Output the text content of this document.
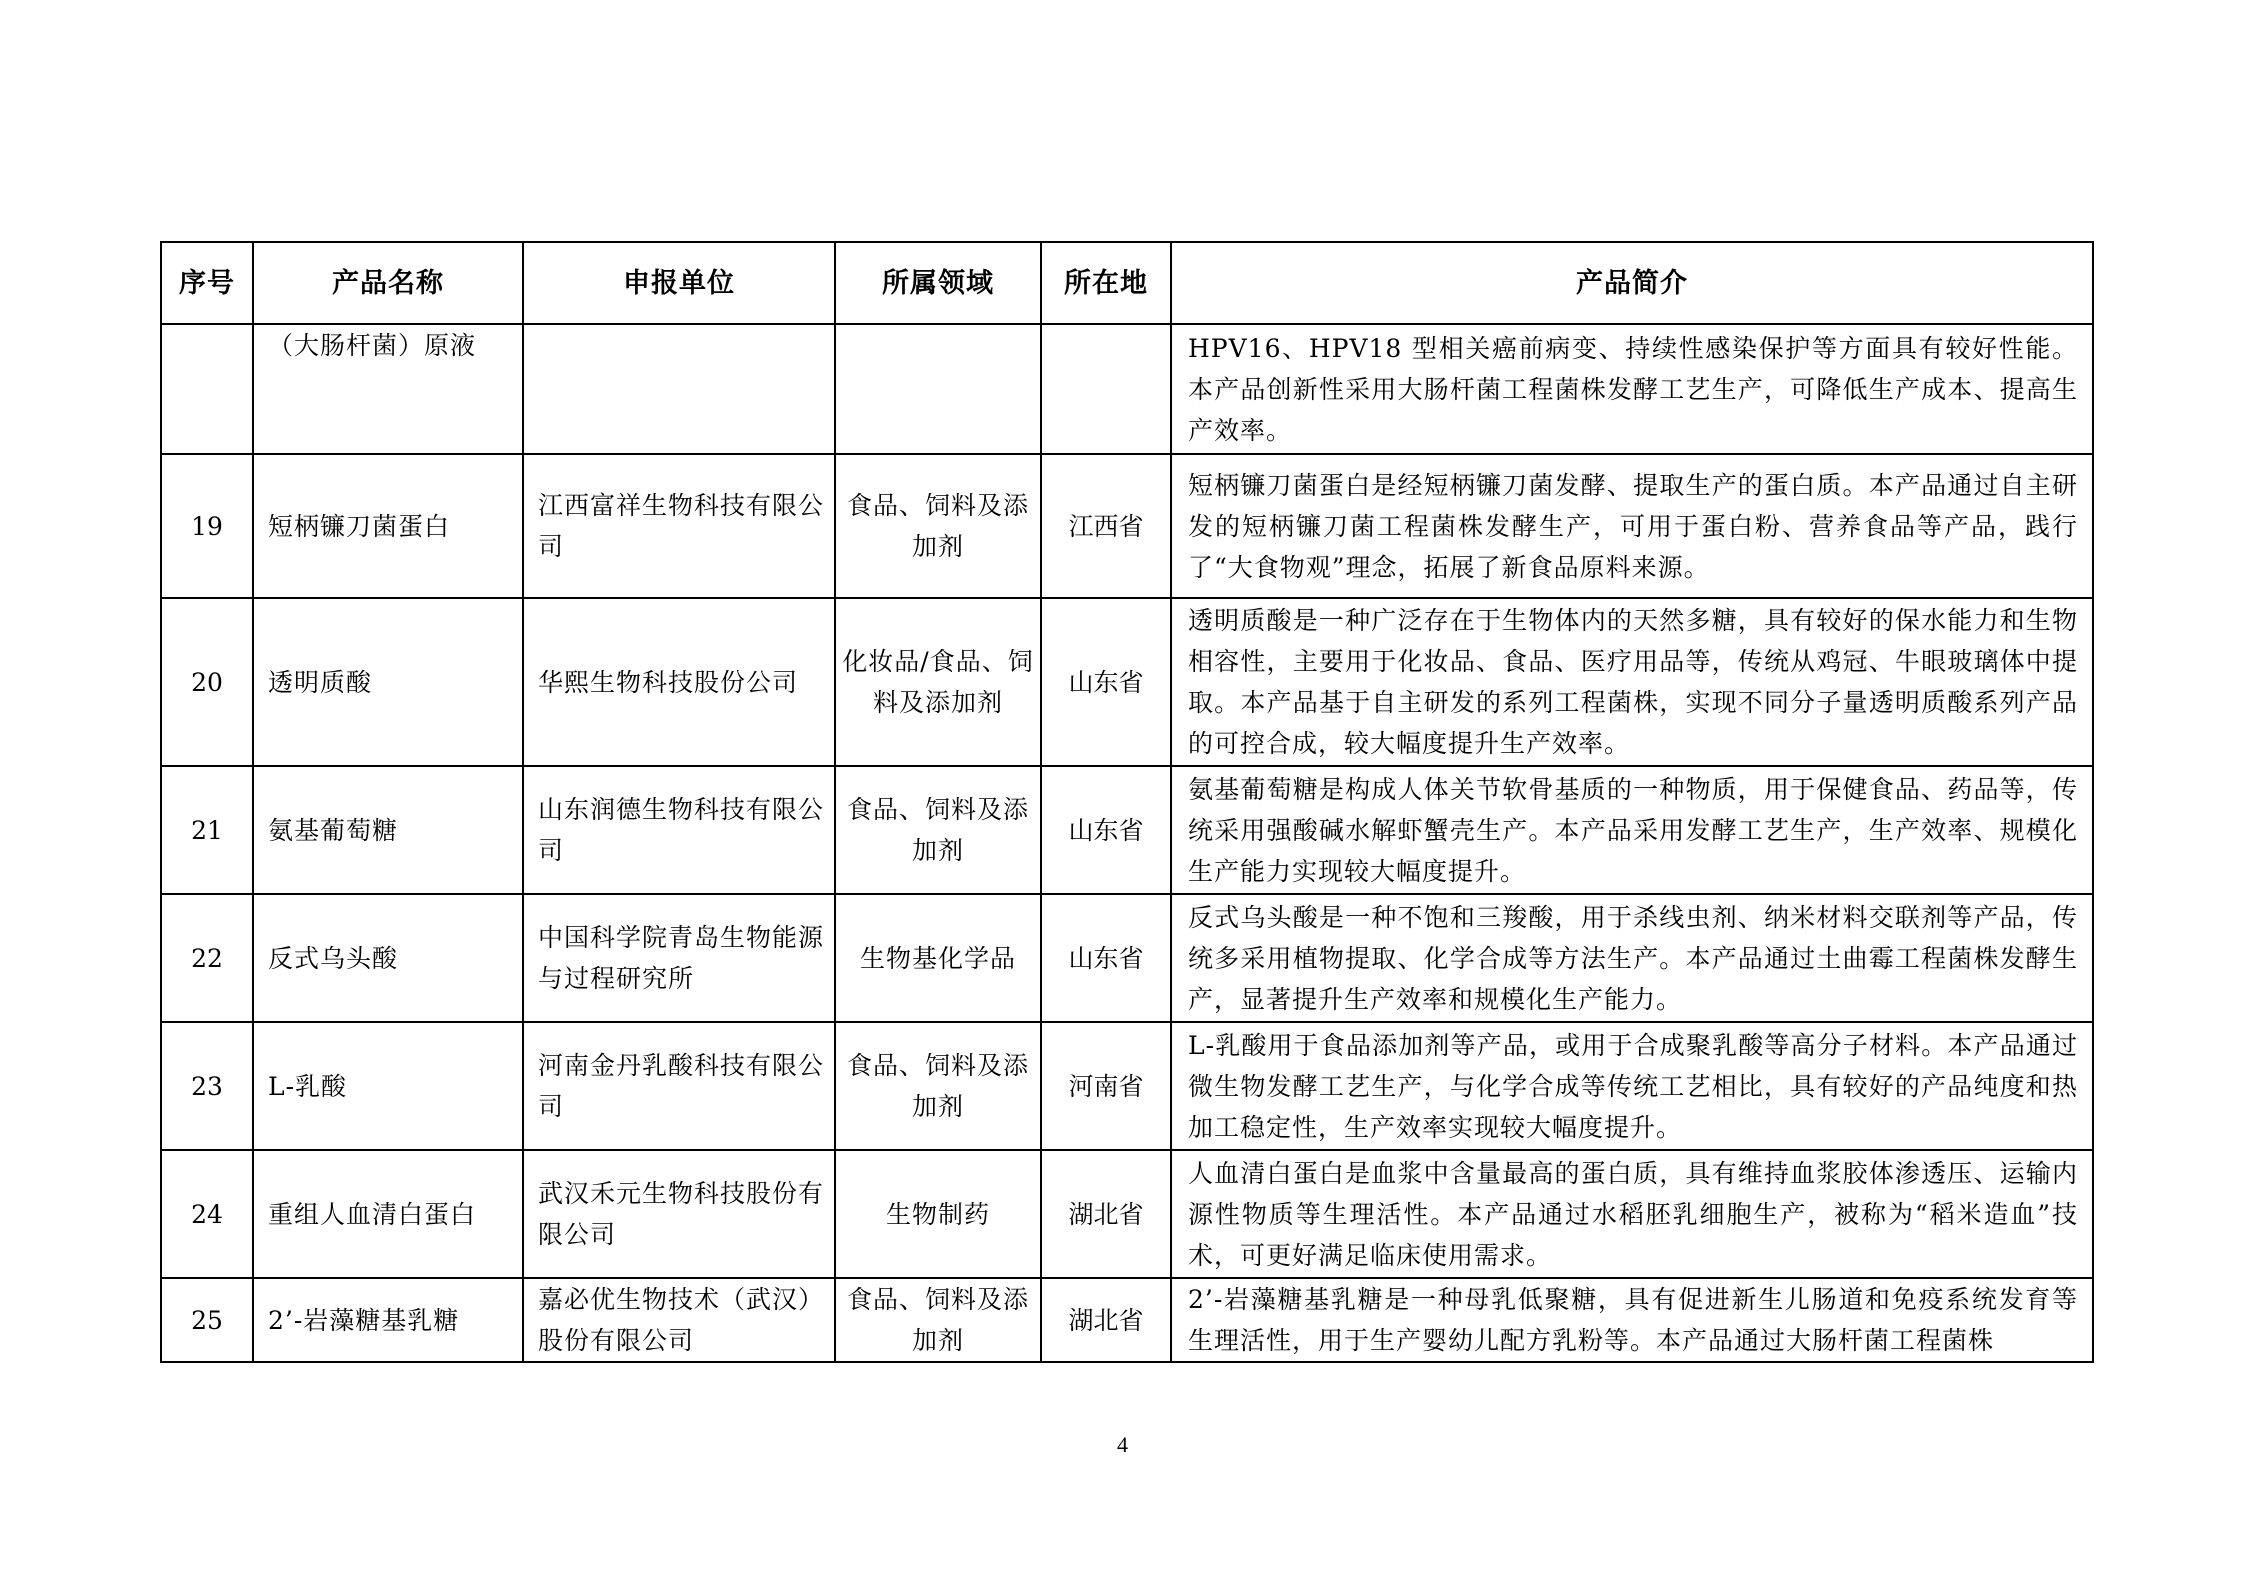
序号	产品名称	申报单位	所属领域	所在地	产品简介

	（大肠杆菌）原液				HPV16、HPV18 型相关癌前病变、持续性感染保护等方面具有较好性能。本产品创新性采用大肠杆菌工程菌株发酵工艺生产，可降低生产成本、提高生产效率。

19	短柄镰刀菌蛋白	江西富祥生物科技有限公司	食品、饲料及添加剂	江西省	短柄镰刀菌蛋白是经短柄镰刀菌发酵、提取生产的蛋白质。本产品通过自主研发的短柄镰刀菌工程菌株发酵生产，可用于蛋白粉、营养食品等产品，践行了“大食物观”理念，拓展了新食品原料来源。

20	透明质酸	华熙生物科技股份公司	化妆品/食品、饲料及添加剂	山东省	透明质酸是一种广泛存在于生物体内的天然多糖，具有较好的保水能力和生物相容性，主要用于化妆品、食品、医疗用品等，传统从鸡冠、牛眼玻璃体中提取。本产品基于自主研发的系列工程菌株，实现不同分子量透明质酸系列产品的可控合成，较大幅度提升生产效率。

21	氨基葡萄糖	山东润德生物科技有限公司	食品、饲料及添加剂	山东省	氨基葡萄糖是构成人体关节软骨基质的一种物质，用于保健食品、药品等，传统采用强酸碱水解虾蟹壳生产。本产品采用发酵工艺生产，生产效率、规模化生产能力实现较大幅度提升。

22	反式乌头酸	中国科学院青岛生物能源与过程研究所	生物基化学品	山东省	反式乌头酸是一种不饱和三羧酸，用于杀线虫剂、纳米材料交联剂等产品，传统多采用植物提取、化学合成等方法生产。本产品通过土曲霉工程菌株发酵生产，显著提升生产效率和规模化生产能力。

23	L-乳酸	河南金丹乳酸科技有限公司	食品、饲料及添加剂	河南省	L-乳酸用于食品添加剂等产品，或用于合成聚乳酸等高分子材料。本产品通过微生物发酵工艺生产，与化学合成等传统工艺相比，具有较好的产品纯度和热加工稳定性，生产效率实现较大幅度提升。

24	重组人血清白蛋白	武汉禾元生物科技股份有限公司	生物制药	湖北省	人血清白蛋白是血浆中含量最高的蛋白质，具有维持血浆胶体渗透压、运输内源性物质等生理活性。本产品通过水稻胚乳细胞生产，被称为“稻米造血”技术，可更好满足临床使用需求。

25	2’-岩藻糖基乳糖	嘉必优生物技术（武汉）股份有限公司	食品、饲料及添加剂	湖北省	2’-岩藻糖基乳糖是一种母乳低聚糖，具有促进新生儿肠道和免疫系统发育等生理活性，用于生产婴幼儿配方乳粉等。本产品通过大肠杆菌工程菌株
4
